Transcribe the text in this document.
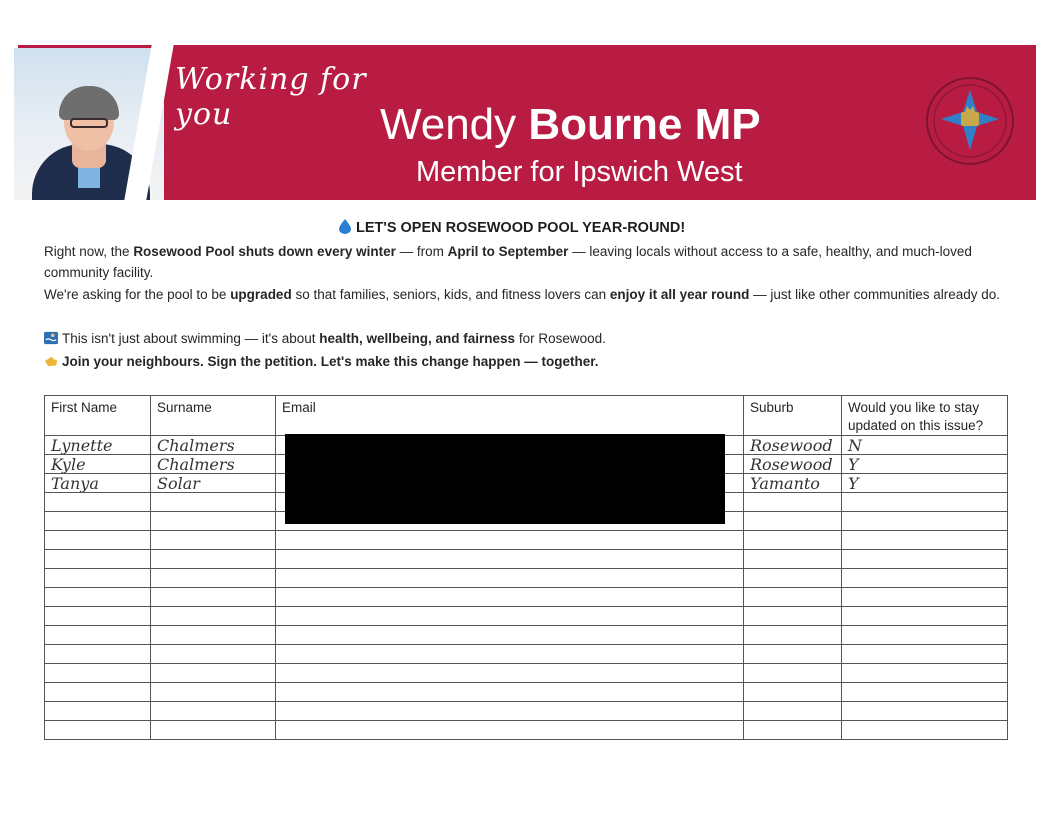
Working for you	Wendy Bourne MP
Member for Ipswich West
LET'S OPEN ROSEWOOD POOL YEAR-ROUND!
Right now, the Rosewood Pool shuts down every winter — from April to September — leaving locals without access to a safe, healthy, and much-loved community facility.
We're asking for the pool to be upgraded so that families, seniors, kids, and fitness lovers can enjoy it all year round — just like other communities already do.
This isn't just about swimming — it's about health, wellbeing, and fairness for Rosewood.
Join your neighbours. Sign the petition. Let's make this change happen — together.
First Name	Surname	Email	Suburb	Would you like to stay updated on this issue?
Lynette	Chalmers		Rosewood	N
Kyle	Chalmers		Rosewood	Y
Tanya	Solar		Yamanto	Y
